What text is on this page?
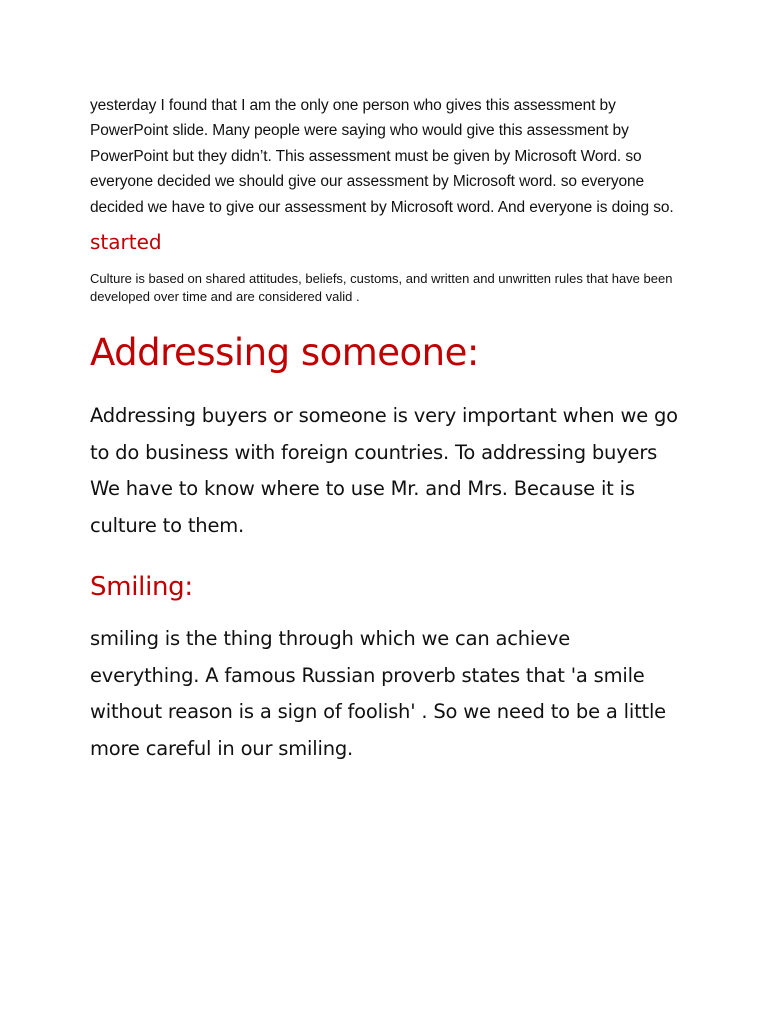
yesterday I found that I am the only one person who gives this assessment by PowerPoint slide. Many people were saying who would give this assessment by PowerPoint but they didn’t. This assessment must be given by Microsoft Word. so everyone decided we should give our assessment by Microsoft word. so everyone decided we have to give our assessment by Microsoft word. And everyone is doing so.

started

Culture is based on shared attitudes, beliefs, customs, and written and unwritten rules that have been developed over time and are considered valid .

Addressing someone:

Addressing buyers or someone is very important when we go to do business with foreign countries. To addressing buyers We have to know where to use Mr. and Mrs. Because it is culture to them.

Smiling:

smiling is the thing through which we can achieve everything. A famous Russian proverb states that 'a smile without reason is a sign of foolish' . So we need to be a little more careful in our smiling.
